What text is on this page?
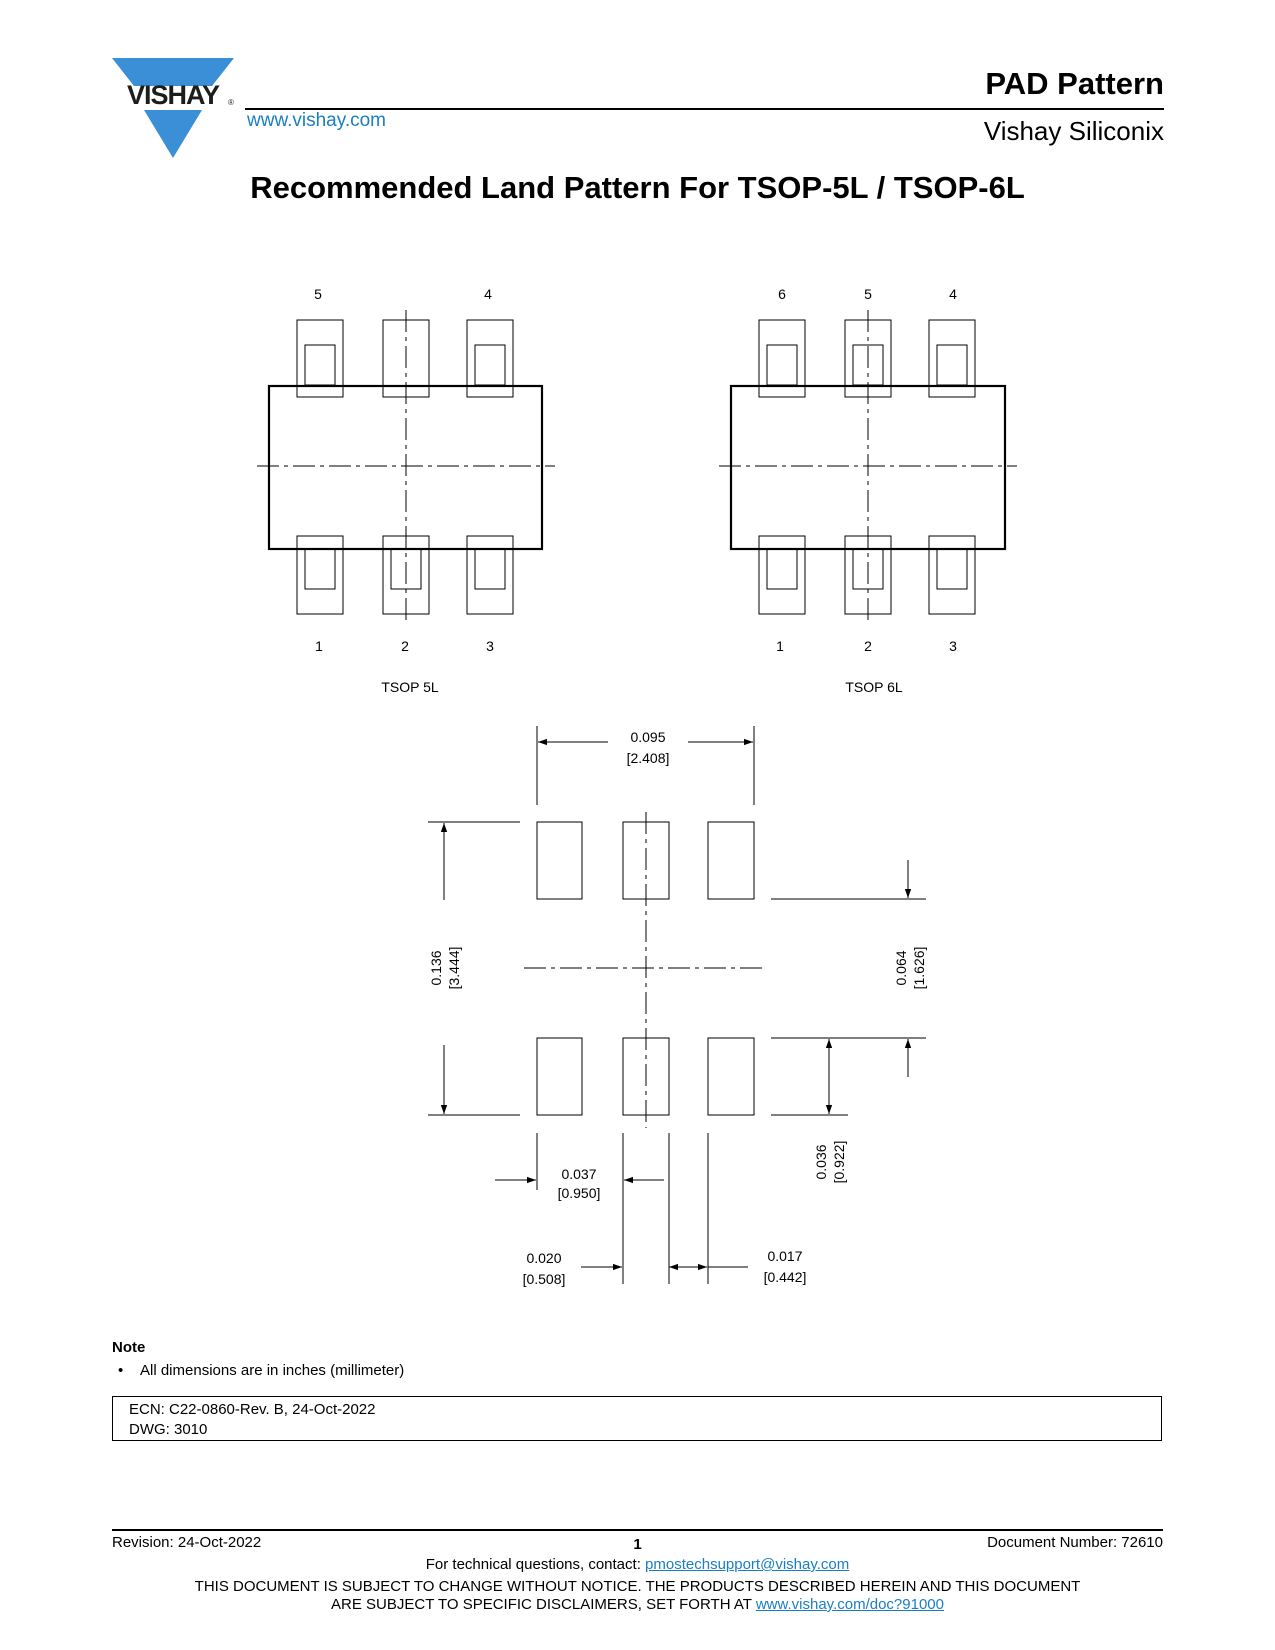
VISHAY ®
www.vishay.com
PAD Pattern
Vishay Siliconix
Recommended Land Pattern For TSOP-5L / TSOP-6L
5	4
1	2	3
TSOP 5L
6	5	4
1	2	3
TSOP 6L
0.095
[2.408]
0.136 [3.444]	0.064 [1.626]
0.036 [0.922]
0.037
[0.950]
0.020
[0.508]
0.017
[0.442]
Note
• All dimensions are in inches (millimeter)
ECN: C22-0860-Rev. B, 24-Oct-2022
DWG: 3010
Revision: 24-Oct-2022	1	Document Number: 72610
For technical questions, contact: pmostechsupport@vishay.com
THIS DOCUMENT IS SUBJECT TO CHANGE WITHOUT NOTICE. THE PRODUCTS DESCRIBED HEREIN AND THIS DOCUMENT
ARE SUBJECT TO SPECIFIC DISCLAIMERS, SET FORTH AT www.vishay.com/doc?91000
